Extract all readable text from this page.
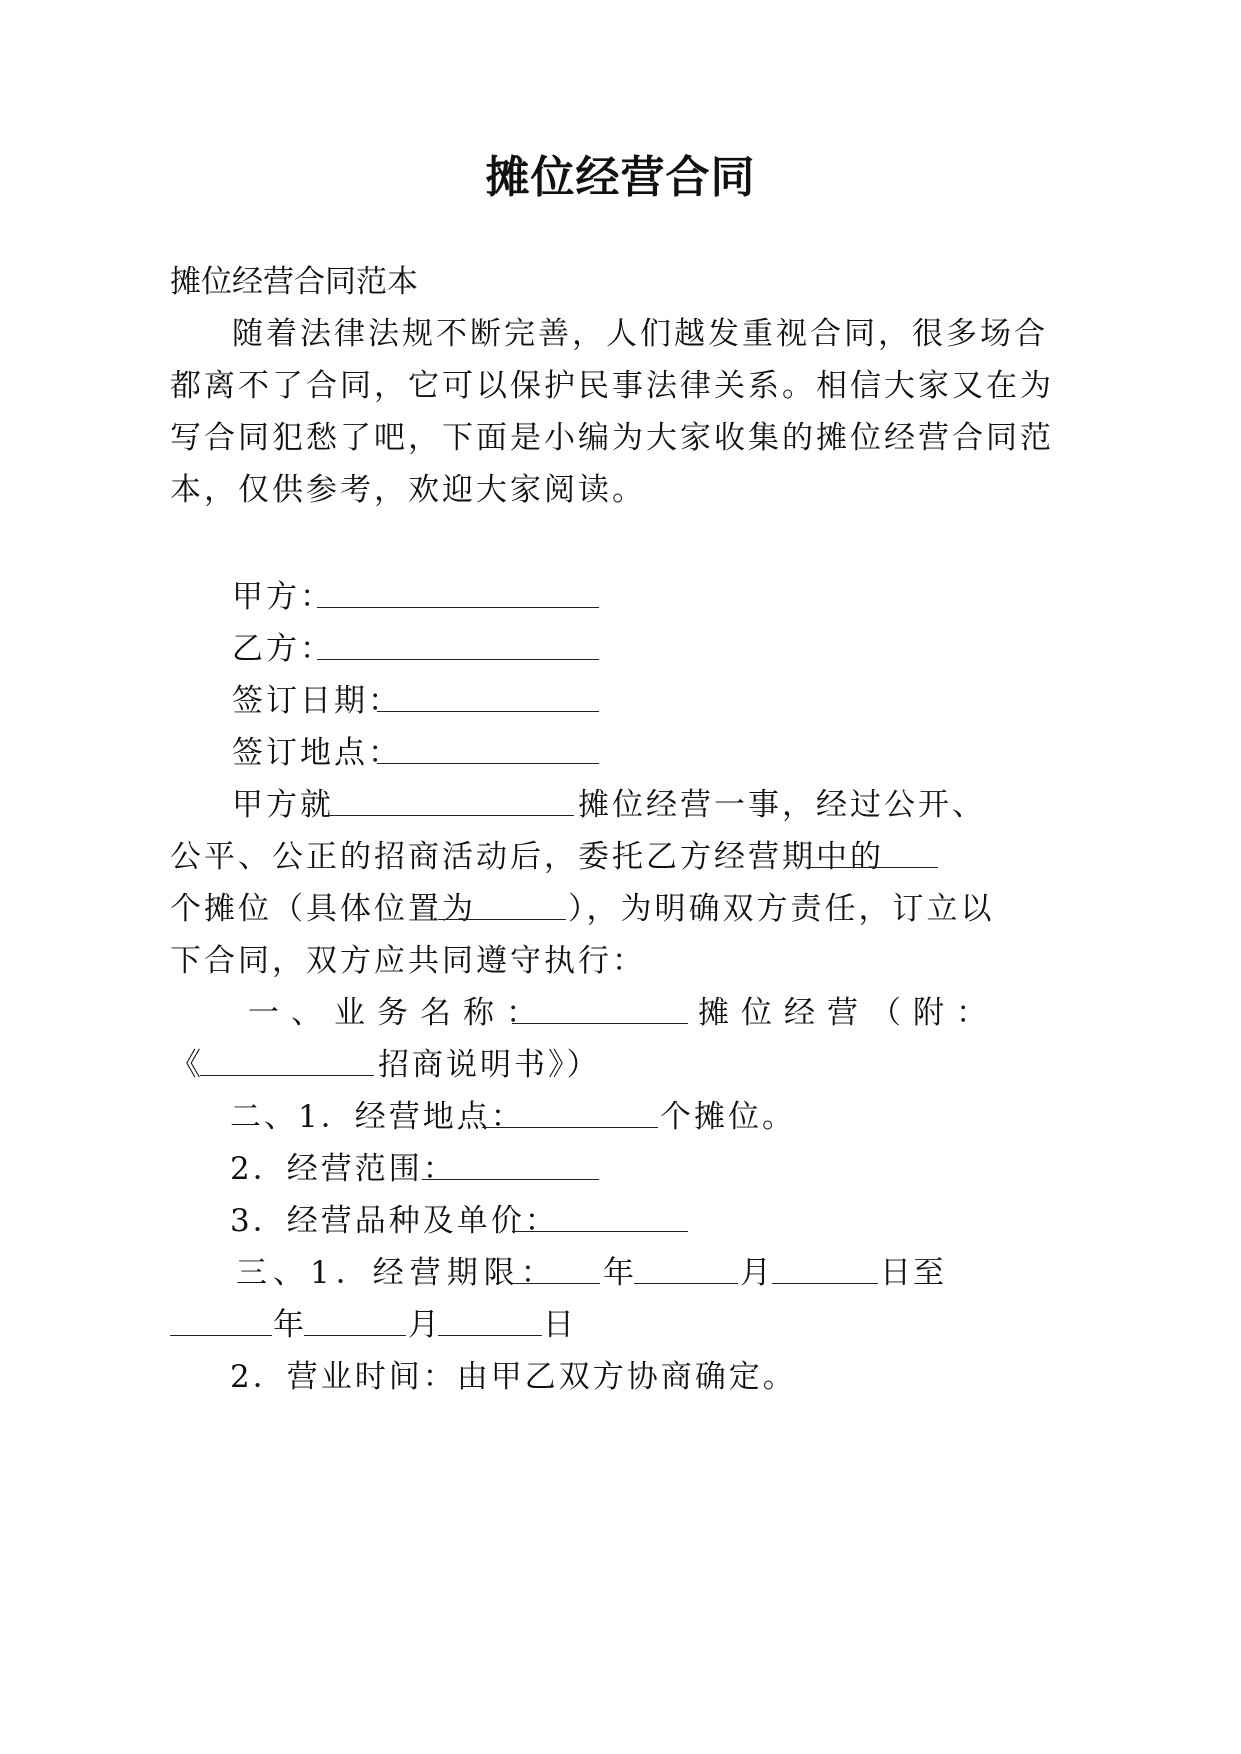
摊位经营合同
摊位经营合同范本
随着法律法规不断完善，人们越发重视合同，很多场合
都离不了合同，它可以保护民事法律关系。相信大家又在为
写合同犯愁了吧，下面是小编为大家收集的摊位经营合同范
本，仅供参考，欢迎大家阅读。
甲方：
乙方：
签订日期：
签订地点：
甲方就	摊位经营一事，经过公开、
公平、公正的招商活动后，委托乙方经营期中的
个摊位（具体位置为	），为明确双方责任，订立以
下合同，双方应共同遵守执行：
一、业务名称：	摊位经营（附：
《	招商说明书》）
二、1．经营地点：	个摊位。
2．经营范围：
3．经营品种及单价：
三、1．经营期限： 年	月	日至
年	月	日
2．营业时间：由甲乙双方协商确定。
